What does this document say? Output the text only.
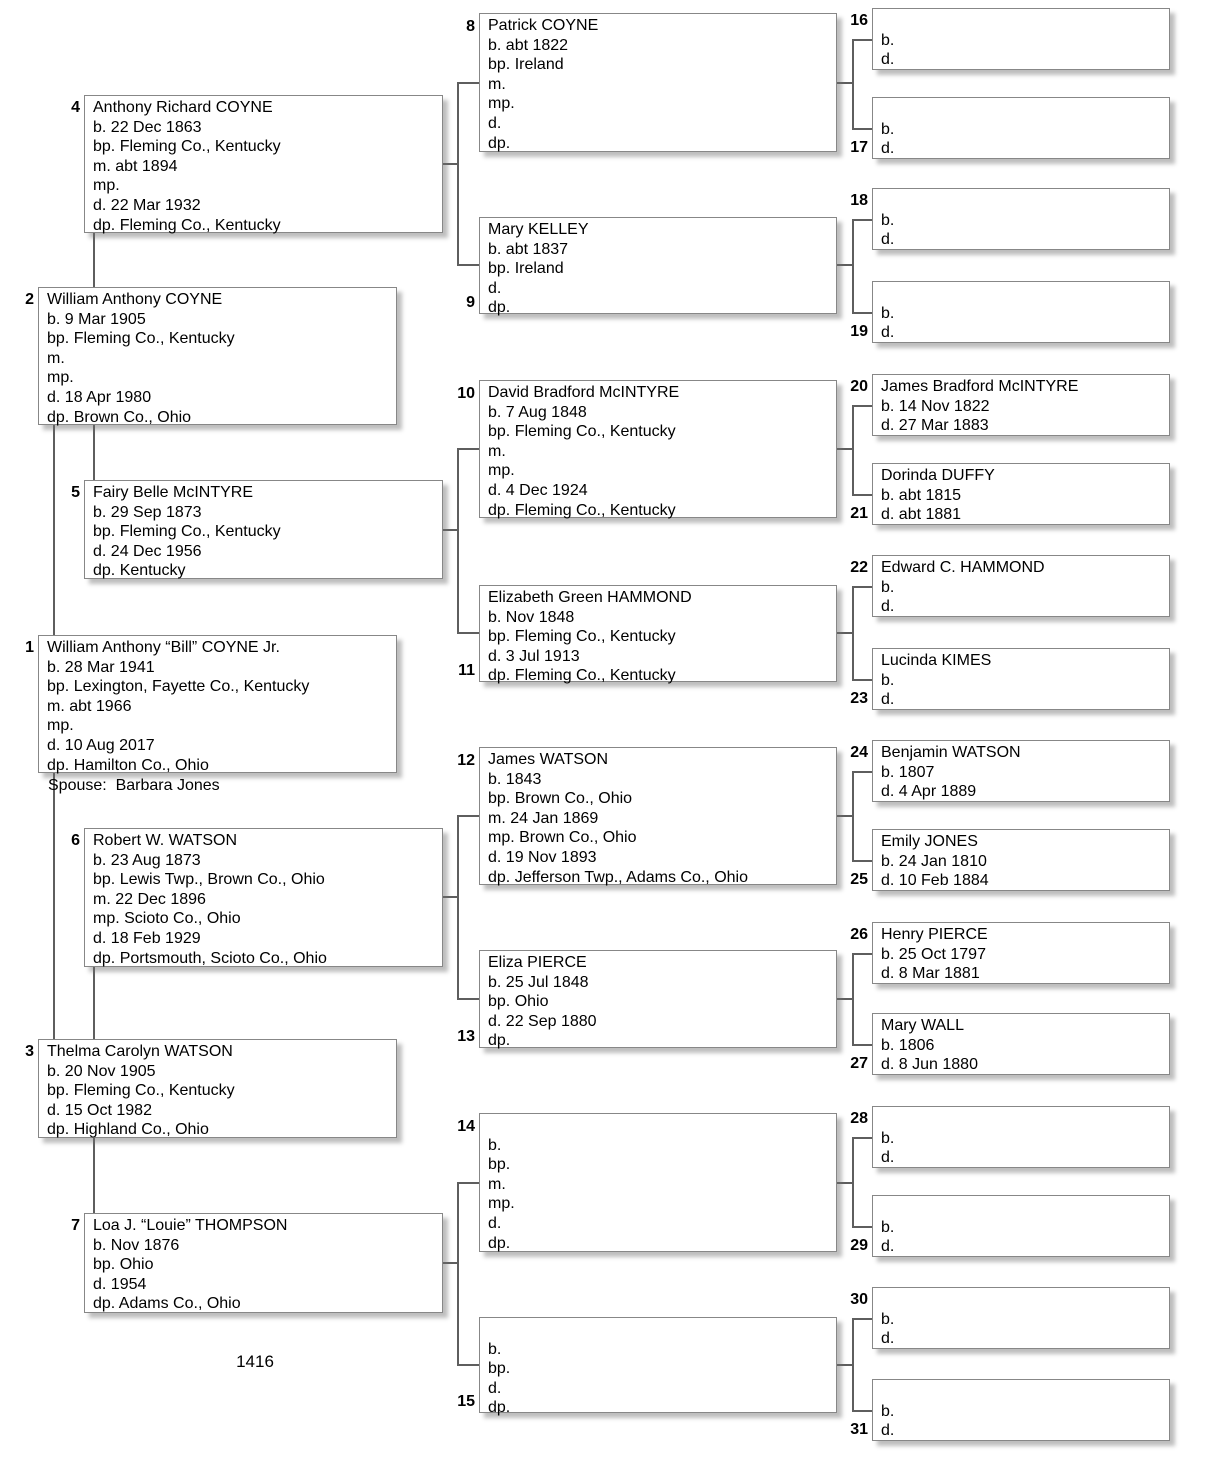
4 Anthony Richard COYNE
b. 22 Dec 1863
bp. Fleming Co., Kentucky
m. abt 1894
mp.
d. 22 Mar 1932
dp. Fleming Co., Kentucky
2 William Anthony COYNE
b. 9 Mar 1905
bp. Fleming Co., Kentucky
m.
mp.
d. 18 Apr 1980
dp. Brown Co., Ohio
5 Fairy Belle McINTYRE
b. 29 Sep 1873
bp. Fleming Co., Kentucky
d. 24 Dec 1956
dp. Kentucky
1 William Anthony “Bill” COYNE Jr.
b. 28 Mar 1941
bp. Lexington, Fayette Co., Kentucky
m. abt 1966
mp.
d. 10 Aug 2017
dp. Hamilton Co., Ohio
Spouse:  Barbara Jones
6 Robert W. WATSON
b. 23 Aug 1873
bp. Lewis Twp., Brown Co., Ohio
m. 22 Dec 1896
mp. Scioto Co., Ohio
d. 18 Feb 1929
dp. Portsmouth, Scioto Co., Ohio
3 Thelma Carolyn WATSON
b. 20 Nov 1905
bp. Fleming Co., Kentucky
d. 15 Oct 1982
dp. Highland Co., Ohio
7 Loa J. “Louie” THOMPSON
b. Nov 1876
bp. Ohio
d. 1954
dp. Adams Co., Ohio
1416
8 Patrick COYNE
b. abt 1822
bp. Ireland
m.
mp.
d.
dp.
9
Mary KELLEY
b. abt 1837
bp. Ireland
d.
dp.
10 David Bradford McINTYRE
b. 7 Aug 1848
bp. Fleming Co., Kentucky
m.
mp.
d. 4 Dec 1924
dp. Fleming Co., Kentucky
11
Elizabeth Green HAMMOND
b. Nov 1848
bp. Fleming Co., Kentucky
d. 3 Jul 1913
dp. Fleming Co., Kentucky
12 James WATSON
b. 1843
bp. Brown Co., Ohio
m. 24 Jan 1869
mp. Brown Co., Ohio
d. 19 Nov 1893
dp. Jefferson Twp., Adams Co., Ohio
13
Eliza PIERCE
b. 25 Jul 1848
bp. Ohio
d. 22 Sep 1880
dp.
14
b.
bp.
m.
mp.
d.
dp.
15
b.
bp.
d.
dp.
16
b.
d.
17
b.
d.
18
b.
d.
19
b.
d.
20 James Bradford McINTYRE
b. 14 Nov 1822
d. 27 Mar 1883
21
Dorinda DUFFY
b. abt 1815
d. abt 1881
22 Edward C. HAMMOND
b.
d.
23
Lucinda KIMES
b.
d.
24 Benjamin WATSON
b. 1807
d. 4 Apr 1889
25
Emily JONES
b. 24 Jan 1810
d. 10 Feb 1884
26 Henry PIERCE
b. 25 Oct 1797
d. 8 Mar 1881
27
Mary WALL
b. 1806
d. 8 Jun 1880
28
b.
d.
29
b.
d.
30
b.
d.
31
b.
d.
